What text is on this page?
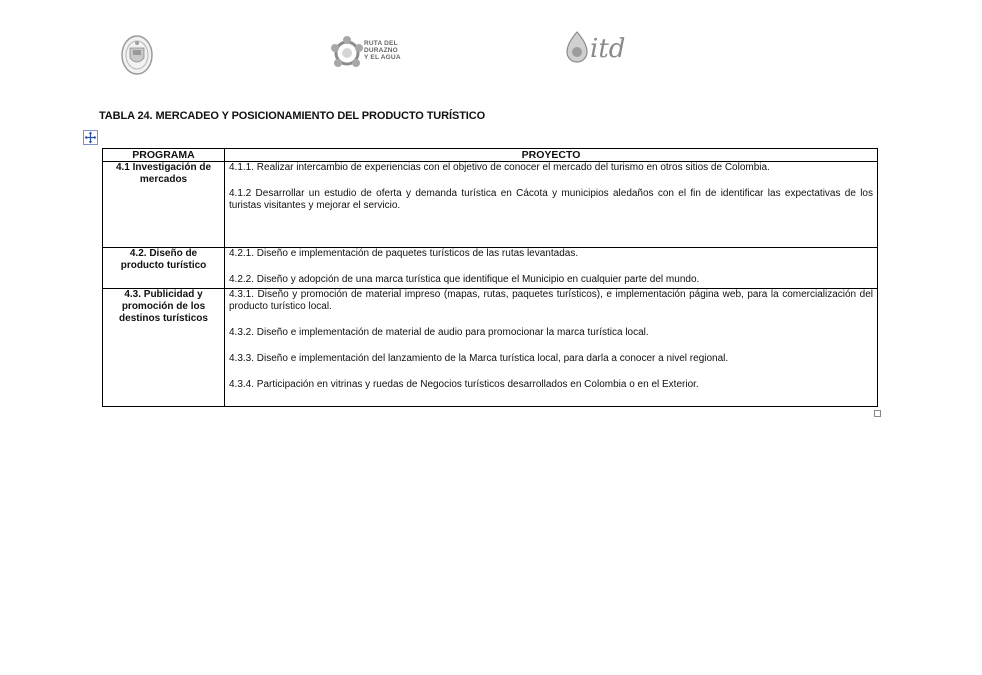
RUTA DEL
DURAZNO
Y EL AGUA	itd
TABLA 24. MERCADEO Y POSICIONAMIENTO DEL PRODUCTO TURÍSTICO
PROGRAMA	PROYECTO
4.1 Investigación de mercados	4.1.1. Realizar intercambio de experiencias con el objetivo de conocer el mercado del turismo en otros sitios de Colombia.

4.1.2 Desarrollar un estudio de oferta y demanda turística en Cácota y municipios aledaños con el fin de identificar las expectativas de los turistas visitantes y mejorar el servicio.

4.2. Diseño de producto turístico	4.2.1. Diseño e implementación de paquetes turísticos de las rutas levantadas.

4.2.2. Diseño y adopción de una marca turística que identifique el Municipio en cualquier parte del mundo.

4.3. Publicidad y promoción de los destinos turísticos	4.3.1. Diseño y promoción de material impreso (mapas, rutas, paquetes turísticos), e implementación página web, para la comercialización del producto turístico local.

4.3.2. Diseño e implementación de material de audio para promocionar la marca turística local.

4.3.3. Diseño e implementación del lanzamiento de la Marca turística local, para darla a conocer a nivel regional.

4.3.4. Participación en vitrinas y ruedas de Negocios turísticos desarrollados en Colombia o en el Exterior.
